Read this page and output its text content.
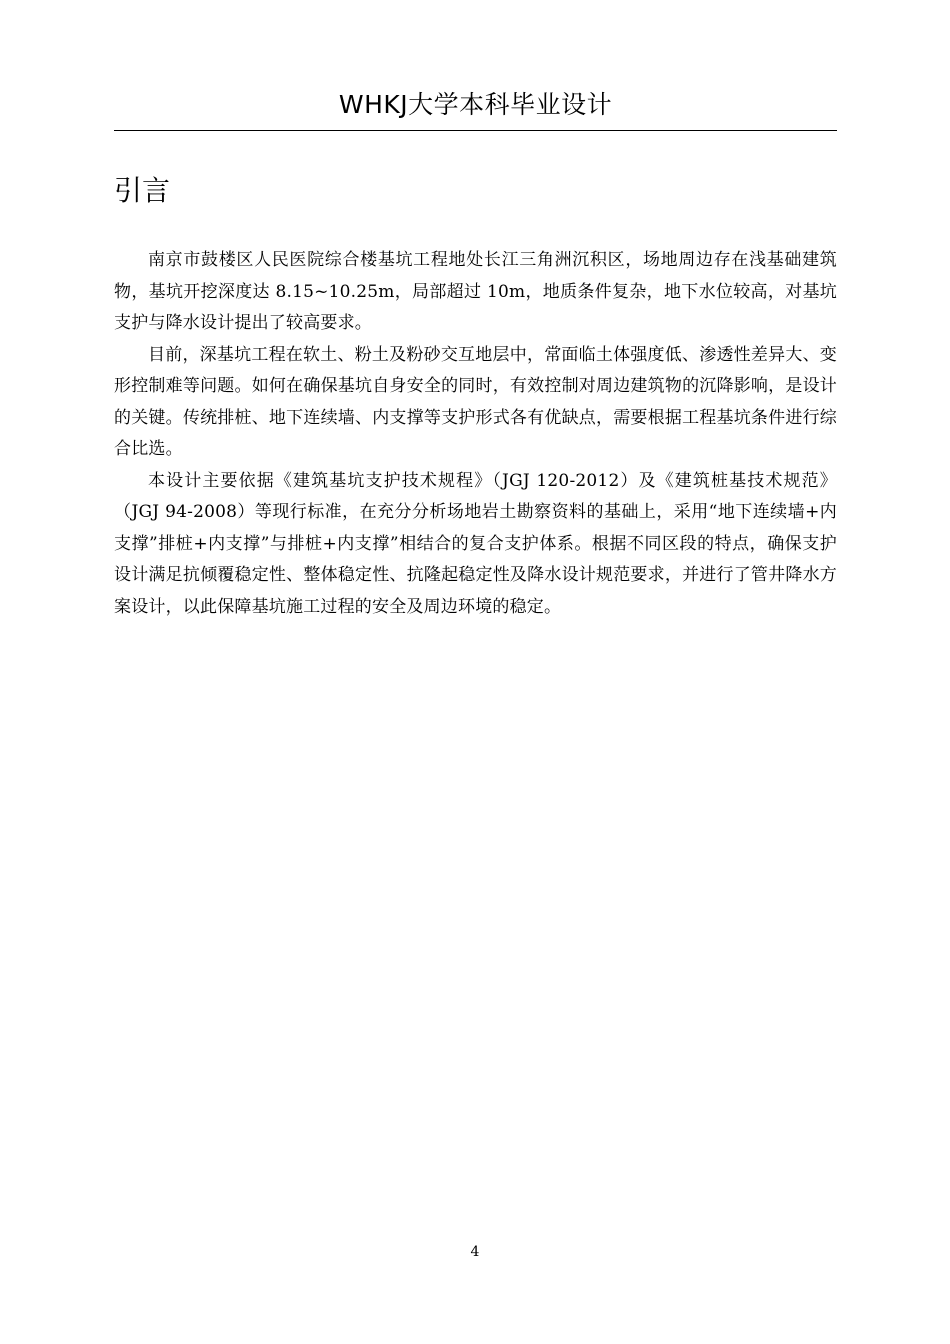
WHKJ大学本科毕业设计
引言

南京市鼓楼区人民医院综合楼基坑工程地处长江三角洲沉积区，场地周边存在浅基础建筑物，基坑开挖深度达 8.15~10.25m，局部超过 10m，地质条件复杂，地下水位较高，对基坑支护与降水设计提出了较高要求。

目前，深基坑工程在软土、粉土及粉砂交互地层中，常面临土体强度低、渗透性差异大、变形控制难等问题。如何在确保基坑自身安全的同时，有效控制对周边建筑物的沉降影响，是设计的关键。传统排桩、地下连续墙、内支撑等支护形式各有优缺点，需要根据工程基坑条件进行综合比选。

本设计主要依据《建筑基坑支护技术规程》（JGJ 120-2012）及《建筑桩基技术规范》（JGJ 94-2008）等现行标准，在充分分析场地岩土勘察资料的基础上，采用“地下连续墙+内支撑”排桩+内支撑”与排桩+内支撑”相结合的复合支护体系。根据不同区段的特点，确保支护设计满足抗倾覆稳定性、整体稳定性、抗隆起稳定性及降水设计规范要求，并进行了管井降水方案设计，以此保障基坑施工过程的安全及周边环境的稳定。

4
